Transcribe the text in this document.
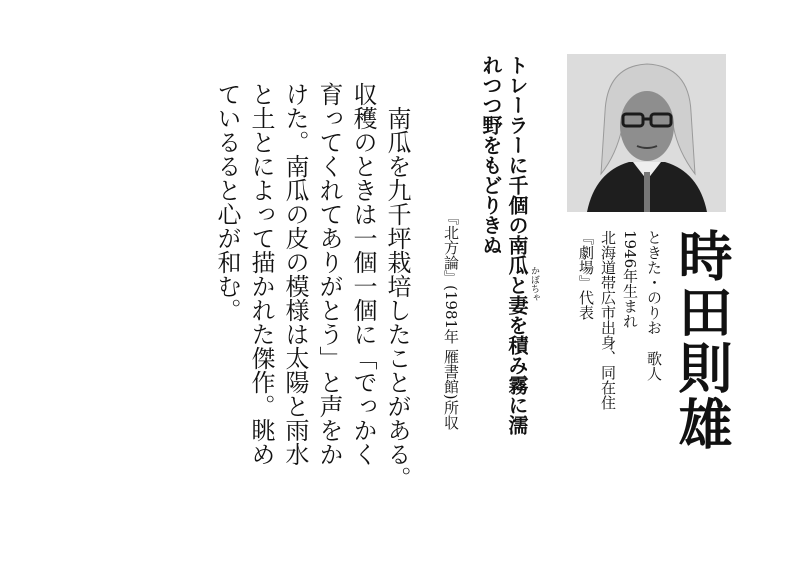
時田則雄
ときた・のりお歌人
1946年生まれ
北海道帯広市出身、同在住
『劇場』代表
トレーラーに千個の南瓜と妻を積み霧に濡
れつつ野をもどりきぬ
かぼちゃ
『北方論』(1981年 雁書館)所収
　南瓜を九千坪栽培したことがある。
収穫のときは一個一個に「でっかく
育ってくれてありがとう」と声をか
けた。南瓜の皮の模様は太陽と雨水
と土とによって描かれた傑作。眺め
ているると心が和む。
